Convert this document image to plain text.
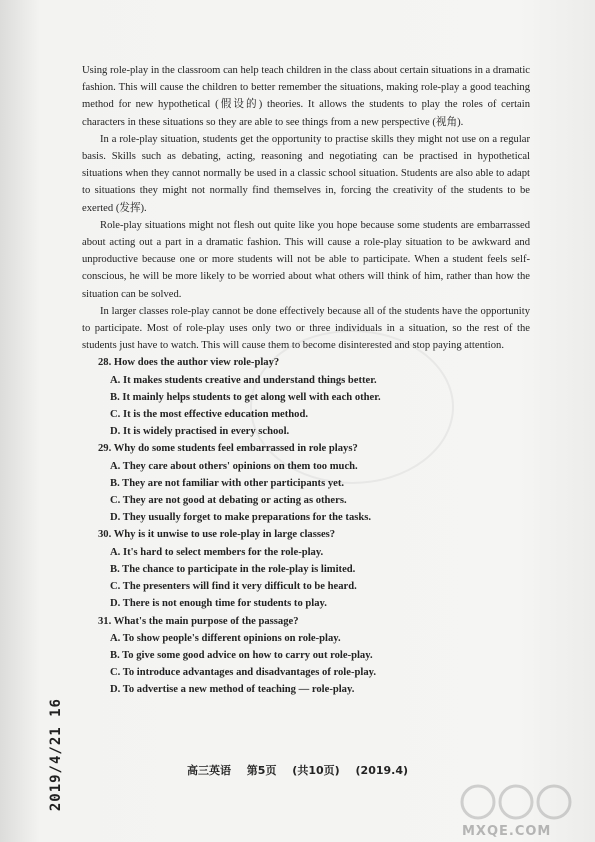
Using role-play in the classroom can help teach children in the class about certain situations in a dramatic fashion. This will cause the children to better remember the situations, making role-play a good teaching method for new hypothetical (假设的) theories. It allows the students to play the roles of certain characters in these situations so they are able to see things from a new perspective (视角).

In a role-play situation, students get the opportunity to practise skills they might not use on a regular basis. Skills such as debating, acting, reasoning and negotiating can be practised in hypothetical situations when they cannot normally be used in a classic school situation. Students are also able to adapt to situations they might not normally find themselves in, forcing the creativity of the students to be exerted (发挥).

Role-play situations might not flesh out quite like you hope because some students are embarrassed about acting out a part in a dramatic fashion. This will cause a role-play situation to be awkward and unproductive because one or more students will not be able to participate. When a student feels self-conscious, he will be more likely to be worried about what others will think of him, rather than how the situation can be solved.

In larger classes role-play cannot be done effectively because all of the students have the opportunity to participate. Most of role-play uses only two or three individuals in a situation, so the rest of the students just have to watch. This will cause them to become disinterested and stop paying attention.

28. How does the author view role-play?

A. It makes students creative and understand things better.

B. It mainly helps students to get along well with each other.

C. It is the most effective education method.

D. It is widely practised in every school.

29. Why do some students feel embarrassed in role plays?

A. They care about others' opinions on them too much.

B. They are not familiar with other participants yet.

C. They are not good at debating or acting as others.

D. They usually forget to make preparations for the tasks.

30. Why is it unwise to use role-play in large classes?

A. It's hard to select members for the role-play.

B. The chance to participate in the role-play is limited.

C. The presenters will find it very difficult to be heard.

D. There is not enough time for students to play.

31. What's the main purpose of the passage?

A. To show people's different opinions on role-play.

B. To give some good advice on how to carry out role-play.

C. To introduce advantages and disadvantages of role-play.

D. To advertise a new method of teaching — role-play.

高三英语 第5页 (共10页) (2019.4)
2019/4/21 16
MXQE.COM
